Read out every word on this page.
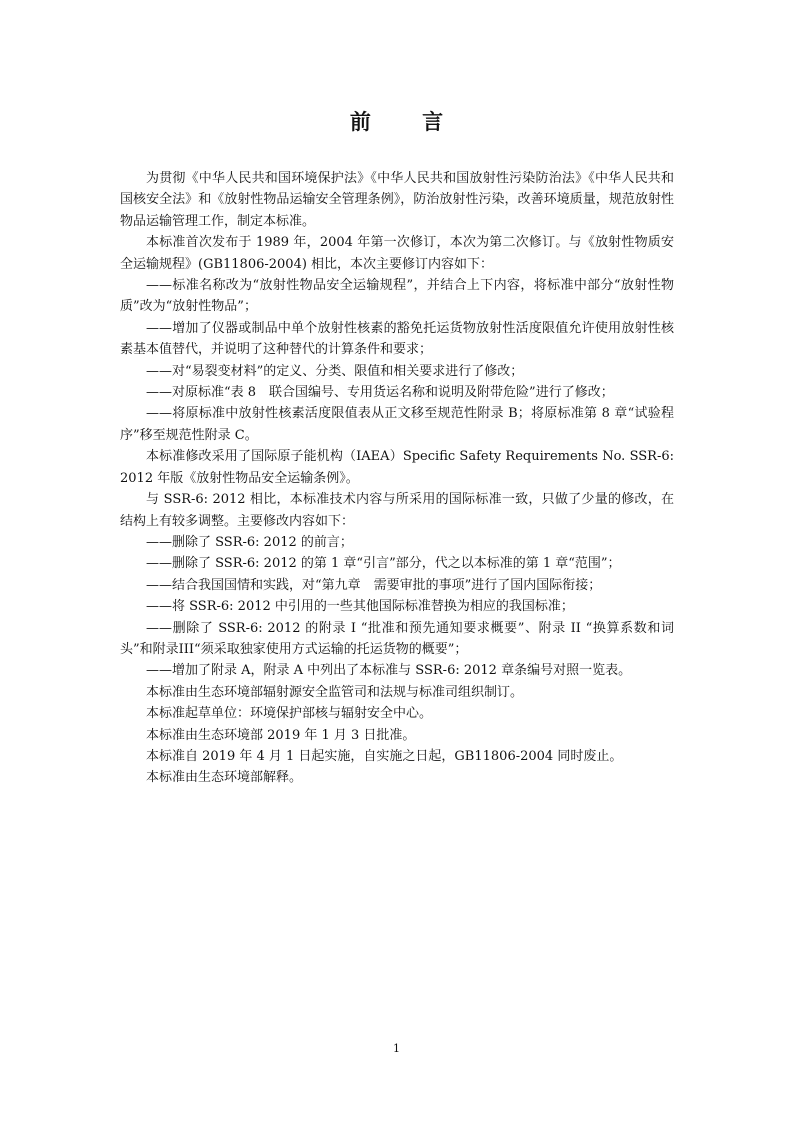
前 言

为贯彻《中华人民共和国环境保护法》《中华人民共和国放射性污染防治法》《中华人民共和国核安全法》和《放射性物品运输安全管理条例》，防治放射性污染，改善环境质量，规范放射性物品运输管理工作，制定本标准。

本标准首次发布于 1989 年，2004 年第一次修订，本次为第二次修订。与《放射性物质安全运输规程》(GB11806-2004) 相比，本次主要修订内容如下：

——标准名称改为“放射性物品安全运输规程”，并结合上下内容，将标准中部分“放射性物质”改为“放射性物品”；

——增加了仪器或制品中单个放射性核素的豁免托运货物放射性活度限值允许使用放射性核素基本值替代，并说明了这种替代的计算条件和要求；

——对“易裂变材料”的定义、分类、限值和相关要求进行了修改；

——对原标准“表 8　联合国编号、专用货运名称和说明及附带危险”进行了修改；

——将原标准中放射性核素活度限值表从正文移至规范性附录 B；将原标准第 8 章“试验程序”移至规范性附录 C。

本标准修改采用了国际原子能机构（IAEA）Specific Safety Requirements No. SSR-6: 2012 年版《放射性物品安全运输条例》。

与 SSR-6: 2012 相比，本标准技术内容与所采用的国际标准一致，只做了少量的修改，在结构上有较多调整。主要修改内容如下：

——删除了 SSR-6: 2012 的前言；

——删除了 SSR-6: 2012 的第 1 章“引言”部分，代之以本标准的第 1 章“范围”；

——结合我国国情和实践，对“第九章　需要审批的事项”进行了国内国际衔接；

——将 SSR-6: 2012 中引用的一些其他国际标准替换为相应的我国标准；

——删除了 SSR-6: 2012 的附录 I “批准和预先通知要求概要”、附录 II “换算系数和词头”和附录III“须采取独家使用方式运输的托运货物的概要”；

——增加了附录 A，附录 A 中列出了本标准与 SSR-6: 2012 章条编号对照一览表。

本标准由生态环境部辐射源安全监管司和法规与标准司组织制订。

本标准起草单位：环境保护部核与辐射安全中心。

本标准由生态环境部 2019 年 1 月 3 日批准。

本标准自 2019 年 4 月 1 日起实施，自实施之日起，GB11806-2004 同时废止。

本标准由生态环境部解释。

1
